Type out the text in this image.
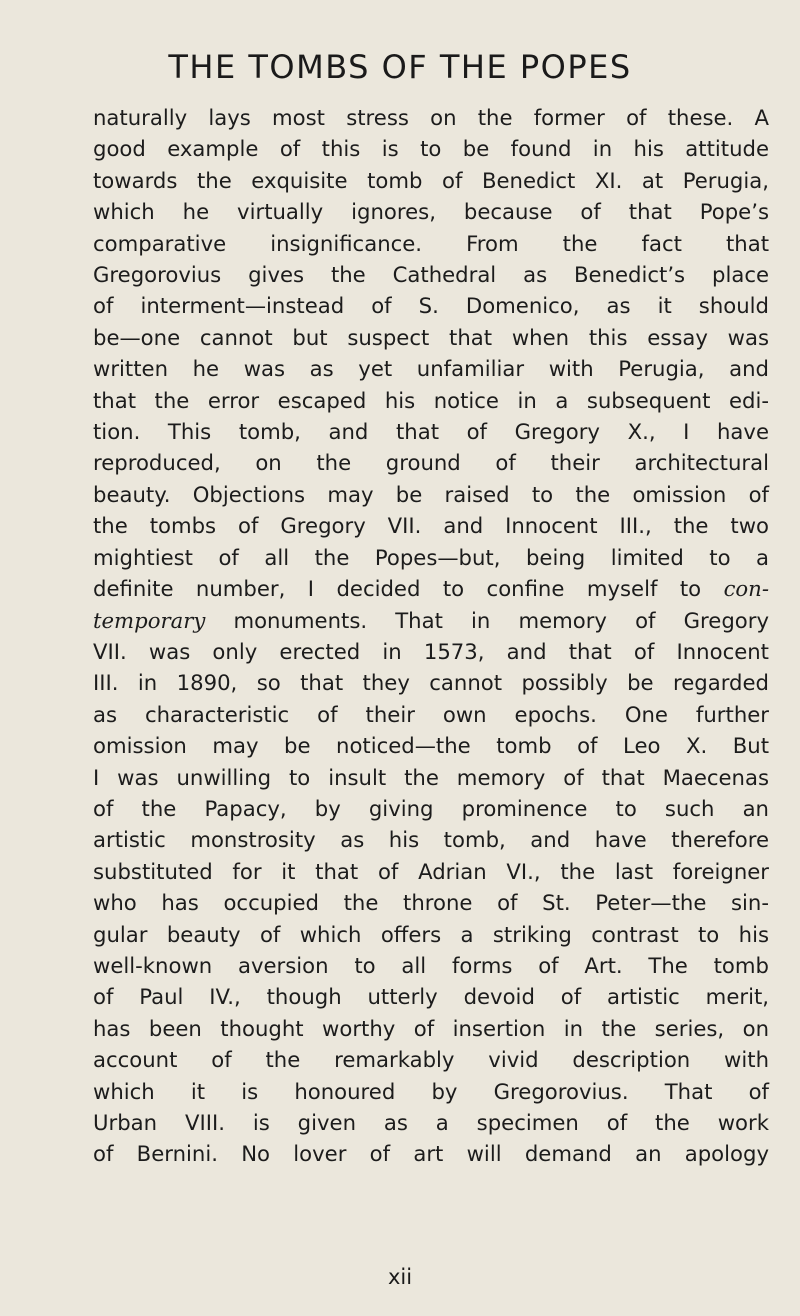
THE TOMBS OF THE POPES
naturally lays most stress on the former of these. A
good example of this is to be found in his attitude
towards the exquisite tomb of Benedict XI. at Perugia,
which he virtually ignores, because of that Pope’s
comparative insignificance. From the fact that
Gregorovius gives the Cathedral as Benedict’s place
of interment—instead of S. Domenico, as it should
be—one cannot but suspect that when this essay was
written he was as yet unfamiliar with Perugia, and
that the error escaped his notice in a subsequent edi-
tion. This tomb, and that of Gregory X., I have
reproduced, on the ground of their architectural
beauty. Objections may be raised to the omission of
the tombs of Gregory VII. and Innocent III., the two
mightiest of all the Popes—but, being limited to a
definite number, I decided to confine myself to con-
temporary monuments. That in memory of Gregory
VII. was only erected in 1573, and that of Innocent
III. in 1890, so that they cannot possibly be regarded
as characteristic of their own epochs. One further
omission may be noticed—the tomb of Leo X. But
I was unwilling to insult the memory of that Maecenas
of the Papacy, by giving prominence to such an
artistic monstrosity as his tomb, and have therefore
substituted for it that of Adrian VI., the last foreigner
who has occupied the throne of St. Peter—the sin-
gular beauty of which offers a striking contrast to his
well-known aversion to all forms of Art. The tomb
of Paul IV., though utterly devoid of artistic merit,
has been thought worthy of insertion in the series, on
account of the remarkably vivid description with
which it is honoured by Gregorovius. That of
Urban VIII. is given as a specimen of the work
of Bernini. No lover of art will demand an apology
xii
